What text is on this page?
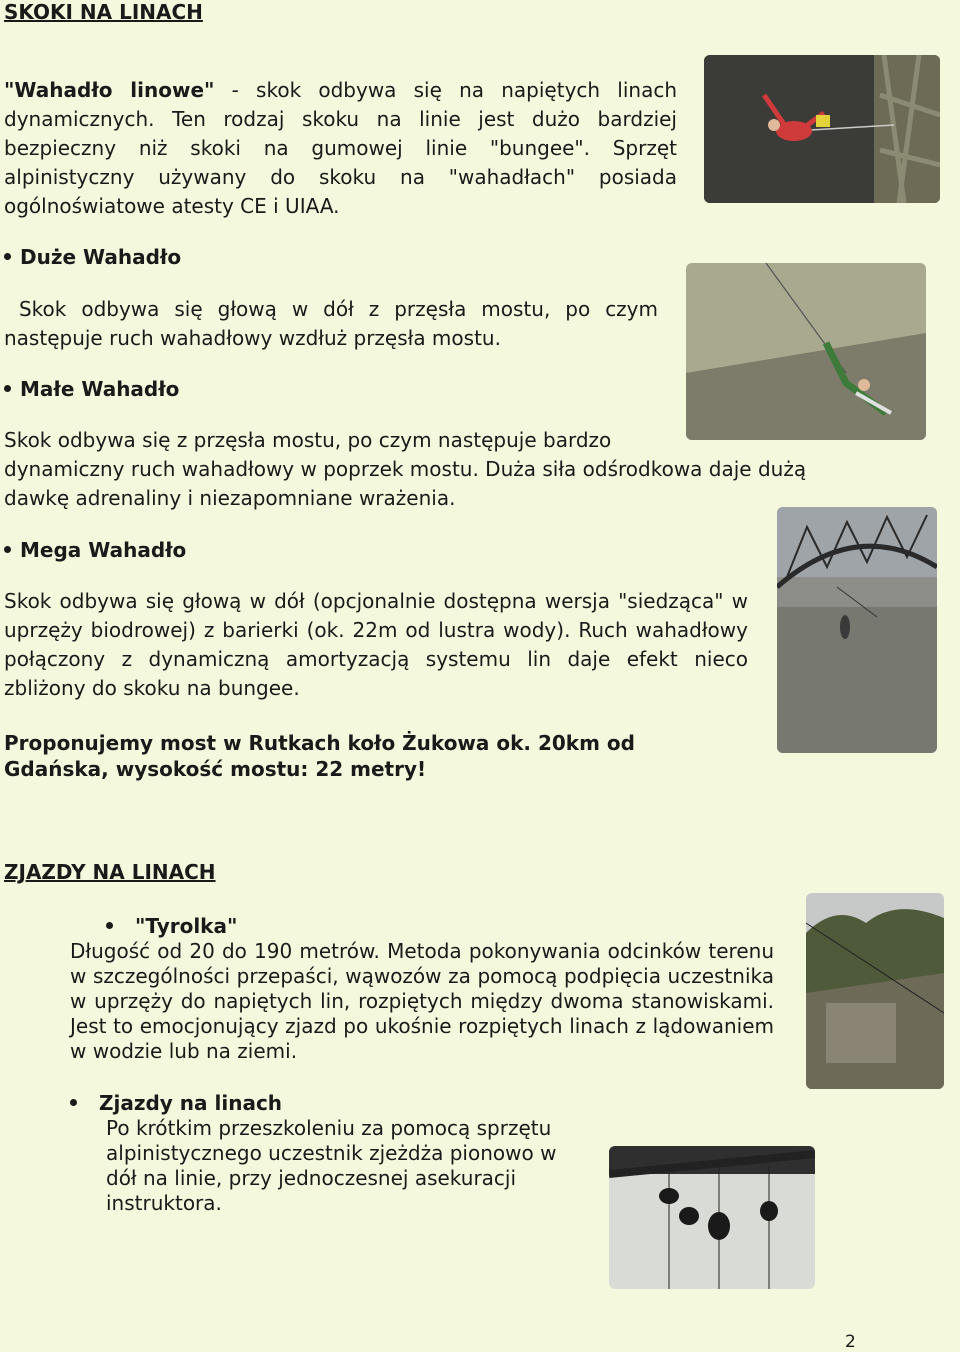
SKOKI NA LINACH
"Wahadło linowe" - skok odbywa się na napiętych linach dynamicznych. Ten rodzaj skoku na linie jest dużo bardziej bezpieczny niż skoki na gumowej linie "bungee". Sprzęt alpinistyczny używany do skoku na "wahadłach" posiada ogólnoświatowe atesty CE i UIAA.
Duże Wahadło
Skok odbywa się głową w dół z przęsła mostu, po czym następuje ruch wahadłowy wzdłuż przęsła mostu.
Małe Wahadło
Skok odbywa się z przęsła mostu, po czym następuje bardzo
dynamiczny ruch wahadłowy w poprzek mostu. Duża siła odśrodkowa daje dużą dawkę adrenaliny i niezapomniane wrażenia.
Mega Wahadło
Skok odbywa się głową w dół (opcjonalnie dostępna wersja "siedząca" w uprzęży biodrowej) z barierki (ok. 22m od lustra wody). Ruch wahadłowy połączony z dynamiczną amortyzacją systemu lin daje efekt nieco zbliżony do skoku na bungee.
Proponujemy most w Rutkach koło Żukowa ok. 20km od Gdańska, wysokość mostu: 22 metry!
ZJAZDY NA LINACH
"Tyrolka"
Długość od 20 do 190 metrów. Metoda pokonywania odcinków terenu w szczególności przepaści, wąwozów za pomocą podpięcia uczestnika w uprzęży do napiętych lin, rozpiętych między dwoma stanowiskami. Jest to emocjonujący zjazd po ukośnie rozpiętych linach z lądowaniem w wodzie lub na ziemi.
Zjazdy na linach
Po krótkim przeszkoleniu za pomocą sprzętu alpinistycznego uczestnik zjeżdża pionowo w dół na linie, przy jednoczesnej asekuracji instruktora.
2
